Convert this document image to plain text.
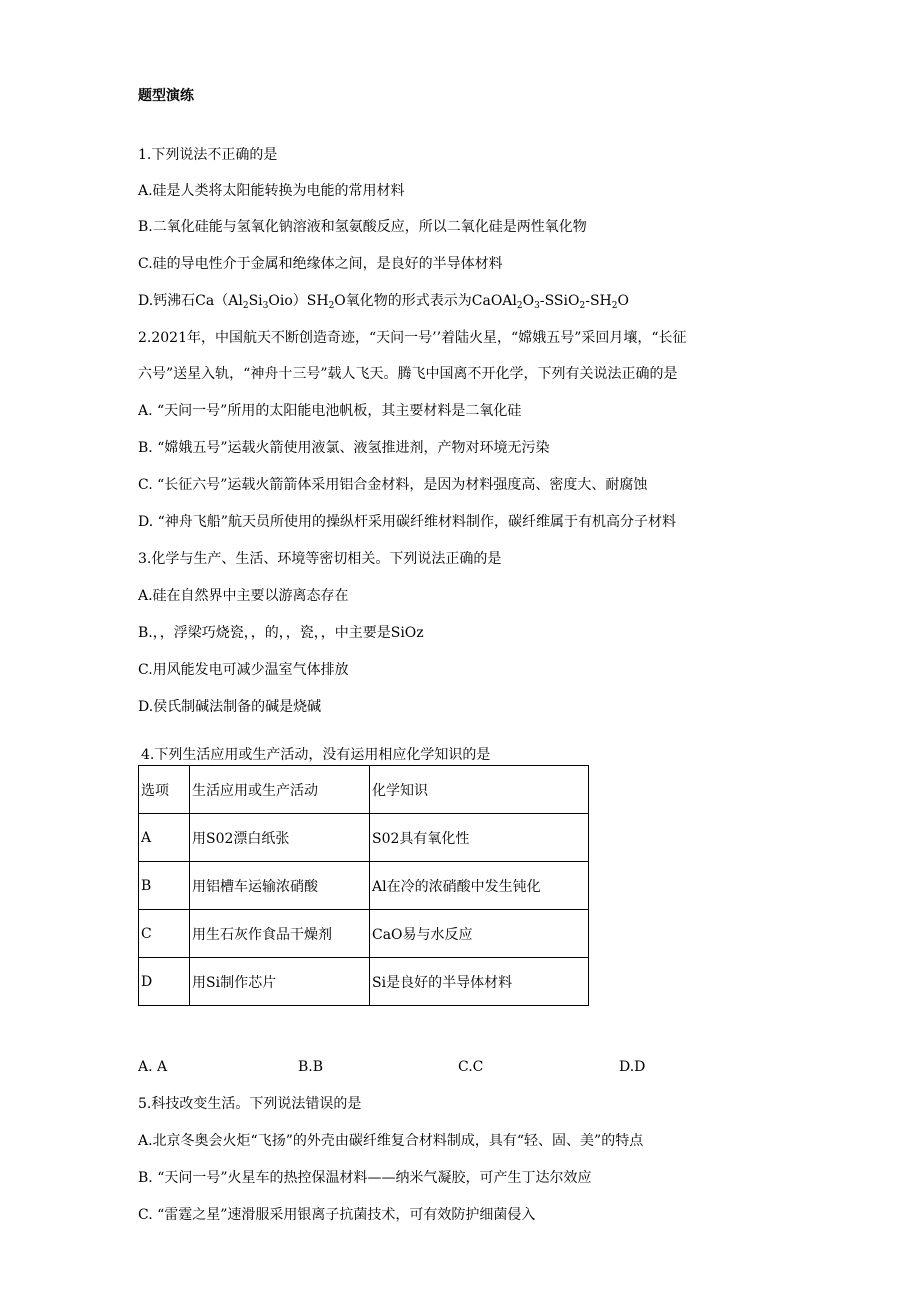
题型演练
1.下列说法不正确的是
A.硅是人类将太阳能转换为电能的常用材料
B.二氧化硅能与氢氧化钠溶液和氢氨酸反应，所以二氧化硅是两性氧化物
C.硅的导电性介于金属和绝缘体之间，是良好的半导体材料
D.钙沸石$Ca(Al_2Si_3Oio)SH_2O$氧化物的形式表示为$CaOAl_2O_3-SSiO_2-SH_2O$
2.2021年，中国航天不断创造奇迹，“天问一号’’着陆火星，“嫦娥五号”采回月壤，“长征
六号”送星入轨，“神舟十三号”载人飞天。腾飞中国离不开化学，下列有关说法正确的是
A. “天问一号”所用的太阳能电池帆板，其主要材料是二氧化硅
B. “嫦娥五号”运载火箭使用液氯、液氢推进剂，产物对环境无污染
C. “长征六号”运载火箭箭体采用铝合金材料，是因为材料强度高、密度大、耐腐蚀
D. “神舟飞船”航天员所使用的操纵杆采用碳纤维材料制作，碳纤维属于有机高分子材料
3.化学与生产、生活、环境等密切相关。下列说法正确的是
A.硅在自然界中主要以游离态存在
B.，，浮梁巧烧瓷，，的，，瓷，，中主要是SiOz
C.用风能发电可减少温室气体排放
D.侯氏制碱法制备的碱是烧碱
4.下列生活应用或生产活动，没有运用相应化学知识的是
选项	生活应用或生产活动	化学知识
A	用S02漂白纸张	S02具有氧化性
B	用铝槽车运输浓硝酸	Al在冷的浓硝酸中发生钝化
C	用生石灰作食品干燥剂	CaO易与水反应
D	用Si制作芯片	Si是良好的半导体材料
A. A	B.B	C.C	D.D
5.科技改变生活。下列说法错误的是
A.北京冬奥会火炬“飞扬”的外壳由碳纤维复合材料制成，具有“轻、固、美”的特点
B. “天问一号”火星车的热控保温材料——纳米气凝胶，可产生丁达尔效应
C. “雷霆之星”速滑服采用银离子抗菌技术，可有效防护细菌侵入
